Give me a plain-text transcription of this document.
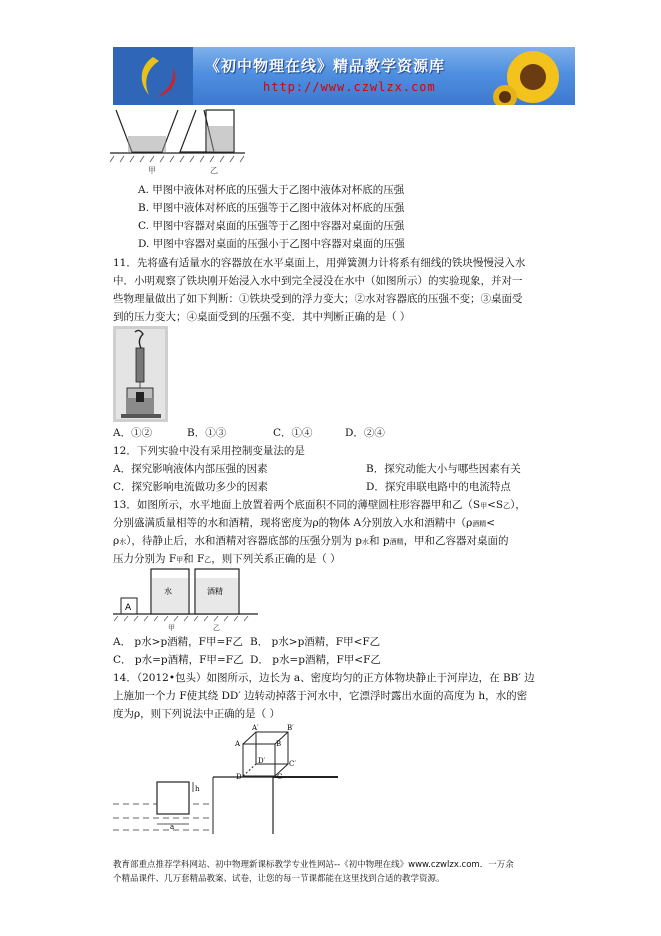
《初中物理在线》精品教学资源库
http://www.czwlzx.com
甲	乙
A. 甲图中液体对杯底的压强大于乙图中液体对杯底的压强
B. 甲图中液体对杯底的压强等于乙图中液体对杯底的压强
C. 甲图中容器对桌面的压强等于乙图中容器对桌面的压强
D. 甲图中容器对桌面的压强小于乙图中容器对桌面的压强
11．先将盛有适量水的容器放在水平桌面上，用弹簧测力计将系有细线的铁块慢慢浸入水
中．小明观察了铁块刚开始浸入水中到完全浸没在水中（如图所示）的实验现象，并对一
些物理量做出了如下判断：①铁块受到的浮力变大；②水对容器底的压强不变；③桌面受
到的压力变大；④桌面受到的压强不变．其中判断正确的是（ ）
A．①②	B．①③	C．①④	D．②④
12．下列实验中没有采用控制变量法的是
A．探究影响液体内部压强的因素	B．探究动能大小与哪些因素有关
C．探究影响电流做功多少的因素	D．探究串联电路中的电流特点
13．如图所示，水平地面上放置着两个底面积不同的薄壁圆柱形容器甲和乙（S甲<S乙），
分别盛满质量相等的水和酒精，现将密度为ρ的物体 A分别放入水和酒精中（ρ酒精<
ρ水），待静止后，水和酒精对容器底部的压强分别为 p水和 p酒精，甲和乙容器对桌面的
压力分别为 F甲和 F乙，则下列关系正确的是（ ）
A
水	酒精
甲	乙
A． p水>p酒精，F甲=F乙 B． p水>p酒精，F甲<F乙
C． p水=p酒精，F甲=F乙 D． p水=p酒精，F甲<F乙
14．（2012•包头）如图所示，边长为 a、密度均匀的正方体物块静止于河岸边，在 BB′ 边
上施加一个力 F使其绕 DD′ 边转动掉落于河水中，它漂浮时露出水面的高度为 h，水的密
度为ρ，则下列说法中正确的是（ ）
A′	B′
A	B
D′	C′
D	C
h
a
教育部重点推荐学科网站、初中物理新课标教学专业性网站--《初中物理在线》www.czwlzx.com．一万余
个精品课件、几万套精品教案、试卷，让您的每一节课都能在这里找到合适的教学资源。
